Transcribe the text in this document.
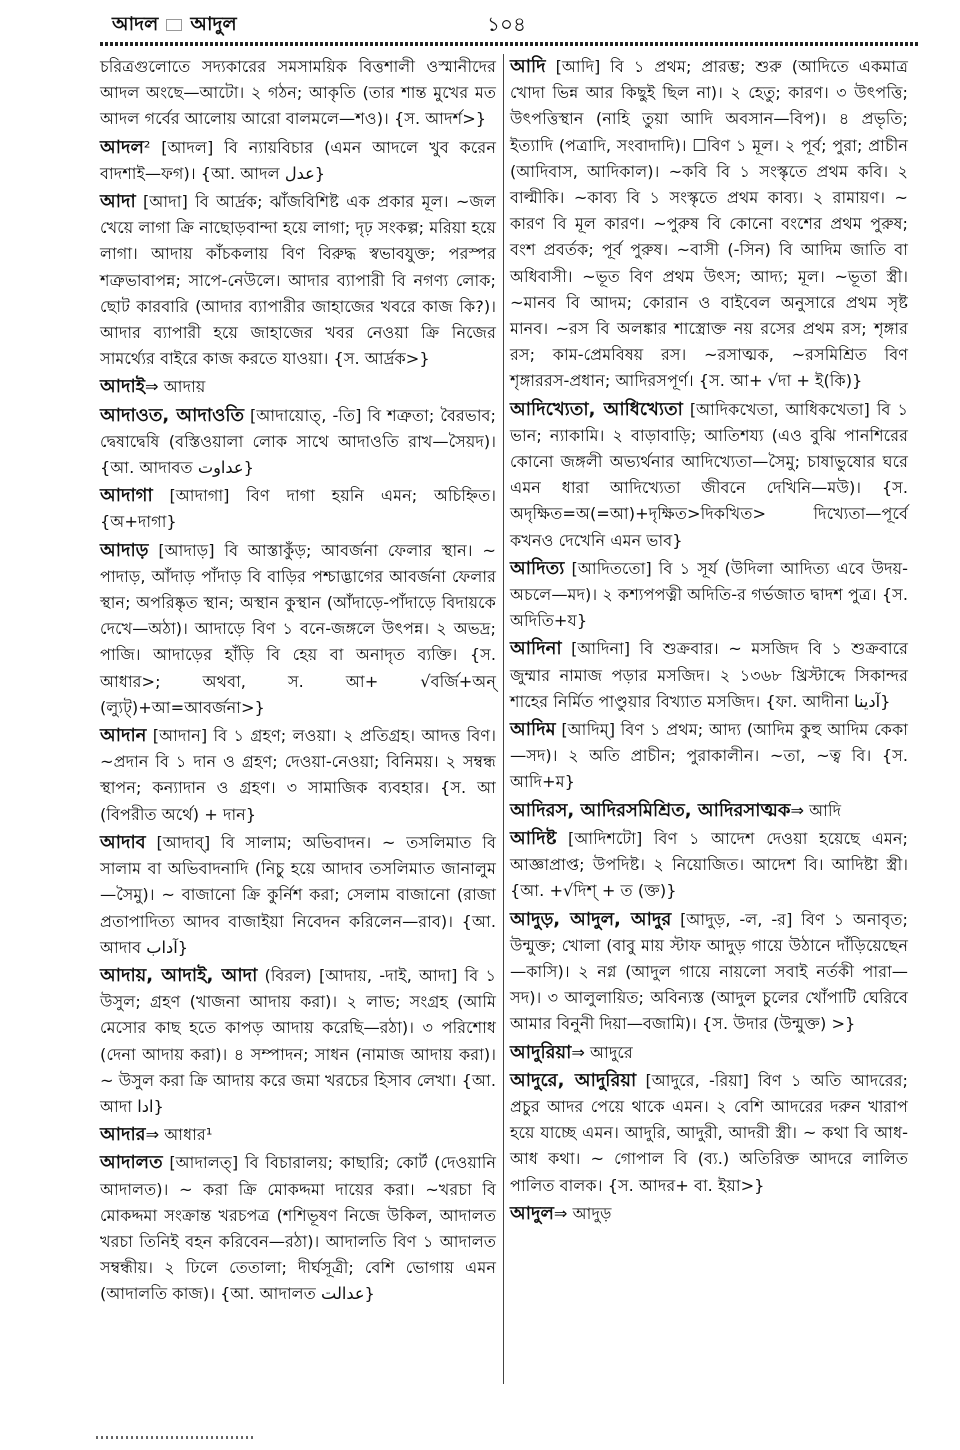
আদল আদুল	১০৪
চরিত্রগুলোতে সদ্যকারের সমসাময়িক বিত্তশালী ওস্মানীদের আদল অংছে—আটো। ২ গঠন; আকৃতি (তার শান্ত মুখের মত আদল গর্বের আলোয় আরো বালমলে—শও)। {স. আদর্শ>}
আদল² [আদল] বি ন্যায়বিচার (এমন আদলে খুব করেন বাদশাই—ফগ)। {আ. আদল عدل}
আদা [আদা] বি আর্দ্রক; ঝাঁজবিশিষ্ট এক প্রকার মূল। ~জল খেয়ে লাগা ক্রি নাছোড়বান্দা হয়ে লাগা; দৃঢ় সংকল্প; মরিয়া হয়ে লাগা। আদায় কাঁচকলায় বিণ বিরুদ্ধ স্বভাবযুক্ত; পরস্পর শত্রুভাবাপন্ন; সাপে-নেউলে। আদার ব্যাপারী বি নগণ্য লোক; ছোট কারবারি (আদার ব্যাপারীর জাহাজের খবরে কাজ কি?)। আদার ব্যাপারী হয়ে জাহাজের খবর নেওয়া ক্রি নিজের সামর্থ্যের বাইরে কাজ করতে যাওয়া। {স. আর্দ্রক>}
আদাই⇒ আদায়
আদাওত, আদাওতি [আদায়োত্, -তি] বি শত্রুতা; বৈরভাব; দ্বেষাদ্বেষি (বস্তিওয়ালা লোক সাথে আদাওতি রাখ—সৈয়দ)। {আ. আদাবত عداوت}
আদাগা [আদাগা] বিণ দাগা হয়নি এমন; অচিহ্নিত। {অ+দাগা}
আদাড় [আদাড়] বি আস্তাকুঁড়; আবর্জনা ফেলার স্থান। ~ পাদাড়, আঁদাড় পাঁদাড় বি বাড়ির পশ্চাদ্ভাগের আবর্জনা ফেলার স্থান; অপরিষ্কৃত স্থান; অস্থান কুস্থান (আঁদাড়ে-পাঁদাড়ে বিদায়কে দেখে—অঠা)। আদাড়ে বিণ ১ বনে-জঙ্গলে উৎপন্ন। ২ অভদ্র; পাজি। আদাড়ের হাঁড়ি বি হেয় বা অনাদৃত ব্যক্তি। {স. আধার>; অথবা, স. আ+ √বর্জি+অন্ (ল্যুট্)+আ=আবর্জনা>}
আদান [আদান] বি ১ গ্রহণ; লওয়া। ২ প্রতিগ্রহ। আদত্ত বিণ। ~প্রদান বি ১ দান ও গ্রহণ; দেওয়া-নেওয়া; বিনিময়। ২ সম্বন্ধ স্থাপন; কন্যাদান ও গ্রহণ। ৩ সামাজিক ব্যবহার। {স. আ (বিপরীত অর্থে) + দান}
আদাব [আদাব্] বি সালাম; অভিবাদন। ~ তসলিমাত বি সালাম বা অভিবাদনাদি (নিচু হয়ে আদাব তসলিমাত জানালুম—সৈমু)। ~ বাজানো ক্রি কুর্নিশ করা; সেলাম বাজানো (রাজা প্রতাপাদিত্য আদব বাজাইয়া নিবেদন করিলেন—রাব)। {আ. আদাব آداب}
আদায়, আদাই, আদা (বিরল) [আদায়, -দাই, আদা] বি ১ উসুল; গ্রহণ (খাজনা আদায় করা)। ২ লাভ; সংগ্রহ (আমি মেসোর কাছ হতে কাপড় আদায় করেছি—রঠা)। ৩ পরিশোধ (দেনা আদায় করা)। ৪ সম্পাদন; সাধন (নামাজ আদায় করা)। ~ উসুল করা ক্রি আদায় করে জমা খরচের হিসাব লেখা। {আ. আদা ادا}
আদার⇒ আধার¹
আদালত [আদালত্] বি বিচারালয়; কাছারি; কোর্ট (দেওয়ানি আদালত)। ~ করা ক্রি মোকদ্দমা দায়ের করা। ~খরচা বি মোকদ্দমা সংক্রান্ত খরচপত্র (শশিভূষণ নিজে উকিল, আদালত খরচা তিনিই বহন করিবেন—রঠা)। আদালতি বিণ ১ আদালত সম্বন্ধীয়। ২ ঢিলে তেতালা; দীর্ঘসূত্রী; বেশি ভোগায় এমন (আদালতি কাজ)। {আ. আদালত عدالت}
আদি [আদি] বি ১ প্রথম; প্রারম্ভ; শুরু (আদিতে একমাত্র খোদা ভিন্ন আর কিছুই ছিল না)। ২ হেতু; কারণ। ৩ উৎপত্তি; উৎপত্তিস্থান (নাহি তুয়া আদি অবসান—বিপ)। ৪ প্রভৃতি; ইত্যাদি (পত্রাদি, সংবাদাদি)। ☐বিণ ১ মূল। ২ পূর্ব; পুরা; প্রাচীন (আদিবাস, আদিকাল)। ~কবি বি ১ সংস্কৃতে প্রথম কবি। ২ বাল্মীকি। ~কাব্য বি ১ সংস্কৃতে প্রথম কাব্য। ২ রামায়ণ। ~ কারণ বি মূল কারণ। ~পুরুষ বি কোনো বংশের প্রথম পুরুষ; বংশ প্রবর্তক; পূর্ব পুরুষ। ~বাসী (-সিন) বি আদিম জাতি বা অধিবাসী। ~ভূত বিণ প্রথম উৎস; আদ্য; মূল। ~ভূতা স্ত্রী। ~মানব বি আদম; কোরান ও বাইবেল অনুসারে প্রথম সৃষ্ট মানব। ~রস বি অলঙ্কার শাস্ত্রোক্ত নয় রসের প্রথম রস; শৃঙ্গার রস; কাম-প্রেমবিষয় রস। ~রসাত্মক, ~রসমিশ্রিত বিণ শৃঙ্গাররস-প্রধান; আদিরসপূর্ণ। {স. আ+ √দা + ই(কি)}
আদিখ্যেতা, আধিখ্যেতা [আদিকখেতা, আধিকখেতা] বি ১ ভান; ন্যাকামি। ২ বাড়াবাড়ি; আতিশয্য (এও বুঝি পানশিরের কোনো জঙ্গলী অভ্যর্থনার আদিখ্যেতা—সৈমু; চাষাভুষোর ঘরে এমন ধারা আদিখ্যেতা জীবনে দেখিনি—মউ)। {স. অদৃক্ষিত=অ(=আ)+দৃক্ষিত>দিকখিত> দিখ্যেতা—পূর্বে কখনও দেখেনি এমন ভাব}
আদিত্য [আদিততো] বি ১ সূর্য (উদিলা আদিত্য এবে উদয়-অচলে—মদ)। ২ কশ্যপপত্নী অদিতি-র গর্ভজাত দ্বাদশ পুত্র। {স. অদিতি+য}
আদিনা [আদিনা] বি শুক্রবার। ~ মসজিদ বি ১ শুক্রবারে জুম্মার নামাজ পড়ার মসজিদ। ২ ১৩৬৮ খ্রিস্টাব্দে সিকান্দর শাহের নির্মিত পাণ্ডুয়ার বিখ্যাত মসজিদ। {ফা. আদীনা آدينا}
আদিম [আদিম্] বিণ ১ প্রথম; আদ্য (আদিম কুহু আদিম কেকা—সদ)। ২ অতি প্রাচীন; পুরাকালীন। ~তা, ~ত্ব বি। {স. আদি+ম}
আদিরস, আদিরসমিশ্রিত, আদিরসাত্মক⇒ আদি
আদিষ্ট [আদিশটো] বিণ ১ আদেশ দেওয়া হয়েছে এমন; আজ্ঞাপ্রাপ্ত; উপদিষ্ট। ২ নিয়োজিত। আদেশ বি। আদিষ্টা স্ত্রী। {আ. +√দিশ্ + ত (ক্ত)}
আদুড়, আদুল, আদুর [আদুড়, -ল, -র] বিণ ১ অনাবৃত; উন্মুক্ত; খোলা (বাবু মায় স্টাফ আদুড় গায়ে উঠানে দাঁড়িয়েছেন—কাসি)। ২ নগ্ন (আদুল গায়ে নায়লো সবাই নর্তকী পারা—সদ)। ৩ আলুলায়িত; অবিন্যস্ত (আদুল চুলের খোঁপাটি ঘেরিবে আমার বিনুনী দিয়া—বজামি)। {স. উদার (উন্মুক্ত) >}
আদুরিয়া⇒ আদুরে
আদুরে, আদুরিয়া [আদুরে, -রিয়া] বিণ ১ অতি আদরের; প্রচুর আদর পেয়ে থাকে এমন। ২ বেশি আদরের দরুন খারাপ হয়ে যাচ্ছে এমন। আদুরি, আদুরী, আদরী স্ত্রী। ~ কথা বি আধ-আধ কথা। ~ গোপাল বি (ব্য.) অতিরিক্ত আদরে লালিত পালিত বালক। {স. আদর+ বা. ইয়া>}
আদুল⇒ আদুড়
